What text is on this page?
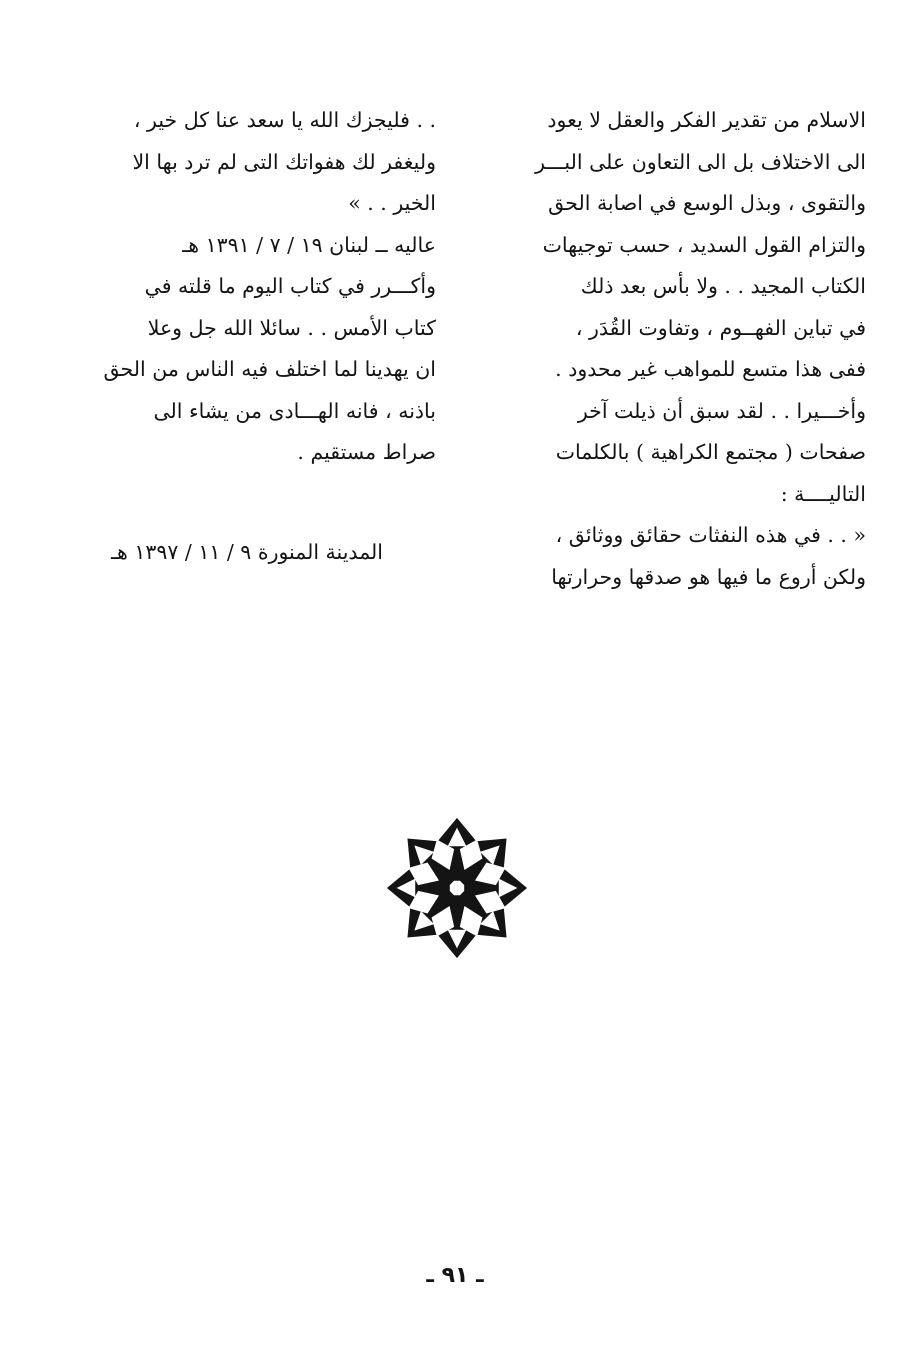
الاسلام من تقدير الفكر والعقل لا يعود
الى الاختلاف بل الى التعاون على البـــر
والتقوى ، وبذل الوسع في اصابة الحق
والتزام القول السديد ، حسب توجيهات
الكتاب المجيد . . ولا بأس بعد ذلك
في تباين الفهــوم ، وتفاوت القُدَر ،
ففى هذا متسع للمواهب غير محدود .
وأخـــيرا . . لقد سبق أن ذيلت آخر
صفحات ( مجتمع الكراهية ) بالكلمات
التاليــــة :
« . . في هذه النفثات حقائق ووثائق ،
ولكن أروع ما فيها هو صدقها وحرارتها
. . فليجزك الله يا سعد عنا كل خير ،
وليغفر لك هفواتك التى لم ترد بها الا
الخير . . »
عاليه ــ لبنان ١٩ / ٧ / ١٣٩١ هـ
وأكـــرر في كتاب اليوم ما قلته في
كتاب الأمس . . سائلا الله جل وعلا
ان يهدينا لما اختلف فيه الناس من الحق
باذنه ، فانه الهـــادى من يشاء الى
صراط مستقيم .
المدينة المنورة ٩ / ١١ / ١٣٩٧ هـ
ـ ٩١ ـ
